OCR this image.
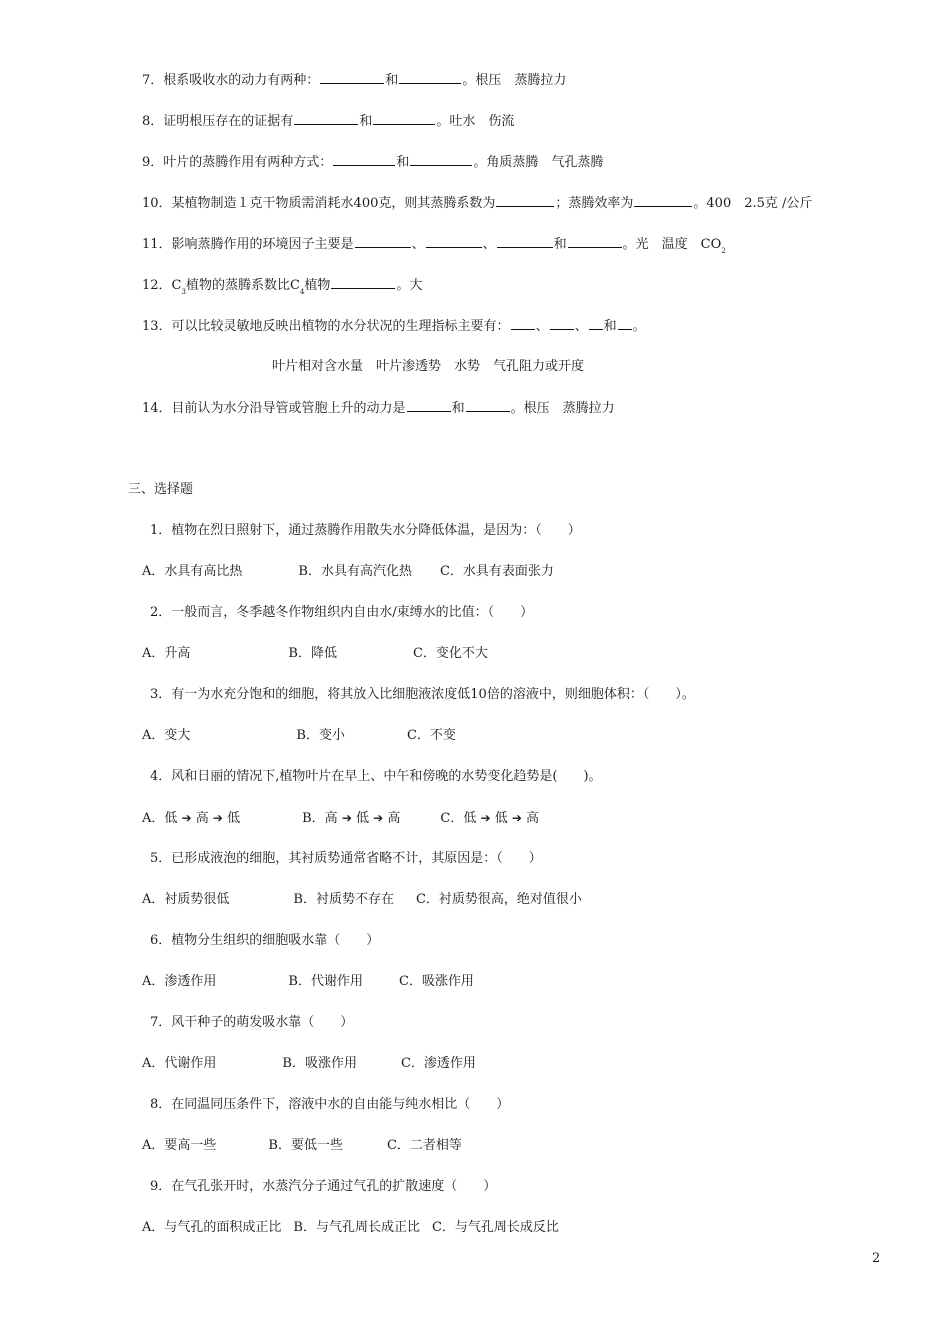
7．根系吸收水的动力有两种：	和	。根压　蒸腾拉力
8．证明根压存在的证据有	和	。吐水　伤流
9．叶片的蒸腾作用有两种方式：	和	。角质蒸腾　气孔蒸腾
10．某植物制造１克干物质需消耗水400克，则其蒸腾系数为	；蒸腾效率为	。400　2.5克 /公斤
11．影响蒸腾作用的环境因子主要是	、	、	和	。光　温度　$CO_2$
12．$C_3$植物的蒸腾系数比$C_4$植物	。大
13．可以比较灵敏地反映出植物的水分状况的生理指标主要有： 、 、 和 。
叶片相对含水量　叶片渗透势　水势　气孔阻力或开度
14．目前认为水分沿导管或管胞上升的动力是	和	。根压　蒸腾拉力
三、选择题
1．植物在烈日照射下，通过蒸腾作用散失水分降低体温，是因为：（　　）
A．水具有高比热	B．水具有高汽化热 C．水具有表面张力
2．一般而言，冬季越冬作物组织内自由水/束缚水的比值：（　　）
A．升高	B．降低	C．变化不大
3．有一为水充分饱和的细胞，将其放入比细胞液浓度低10倍的溶液中，则细胞体积：（　　）。
A．变大	B．变小	C．不变
4．风和日丽的情况下,植物叶片在早上、中午和傍晚的水势变化趋势是(　　)。
A．低 ➔ 高 ➔ 低	B．高 ➔ 低 ➔ 高	C．低 ➔ 低 ➔ 高
5．已形成液泡的细胞，其衬质势通常省略不计，其原因是：（　　）
A．衬质势很低	B．衬质势不存在 C．衬质势很高，绝对值很小
6．植物分生组织的细胞吸水靠（　　）
A．渗透作用	B．代谢作用	C．吸涨作用
7．风干种子的萌发吸水靠（　　）
A．代谢作用	B．吸涨作用	C．渗透作用
8．在同温同压条件下，溶液中水的自由能与纯水相比（　　）
A．要高一些	B．要低一些	C．二者相等
9．在气孔张开时，水蒸汽分子通过气孔的扩散速度（　　）
A．与气孔的面积成正比 B．与气孔周长成正比 C．与气孔周长成反比
2
